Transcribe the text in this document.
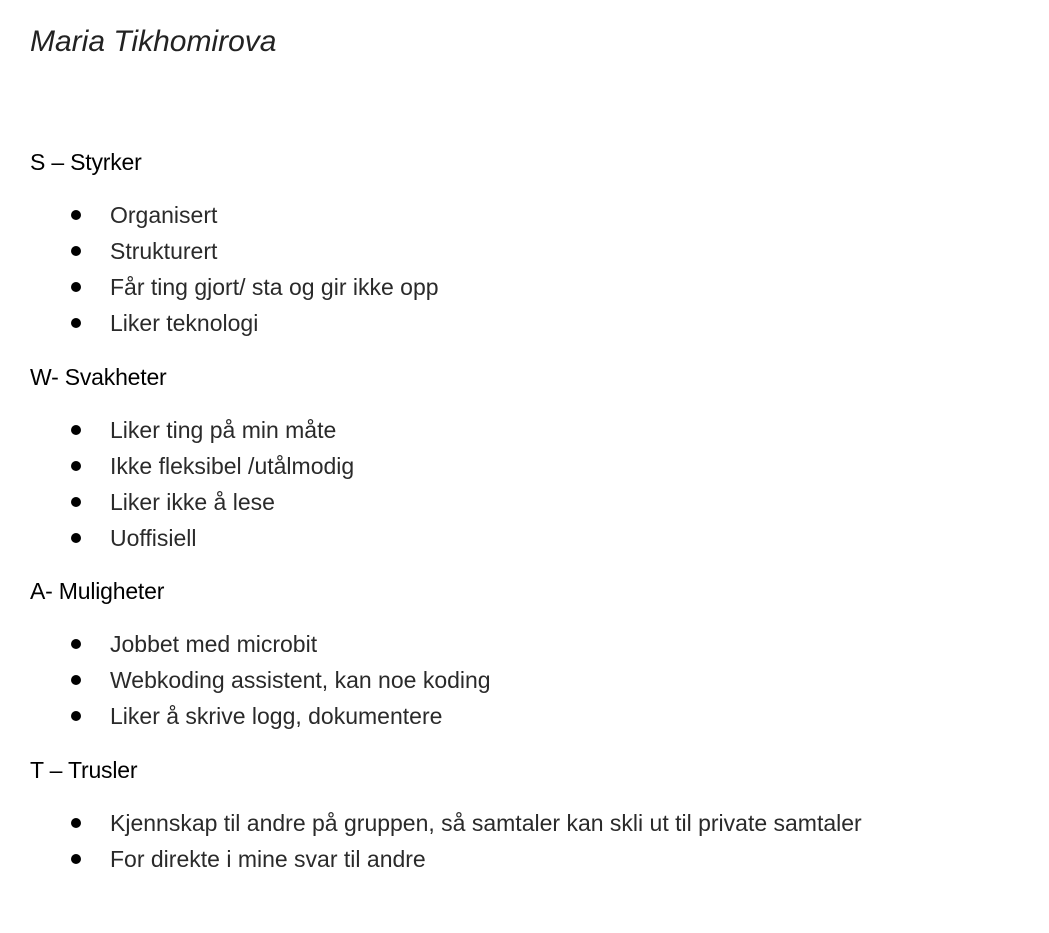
Maria Tikhomirova
S – Styrker
Organisert
Strukturert
Får ting gjort/ sta og gir ikke opp
Liker teknologi
W- Svakheter
Liker ting på min måte
Ikke fleksibel /utålmodig
Liker ikke å lese
Uoffisiell
A- Muligheter
Jobbet med microbit
Webkoding assistent, kan noe koding
Liker å skrive logg, dokumentere
T – Trusler
Kjennskap til andre på gruppen, så samtaler kan skli ut til private samtaler
For direkte i mine svar til andre
